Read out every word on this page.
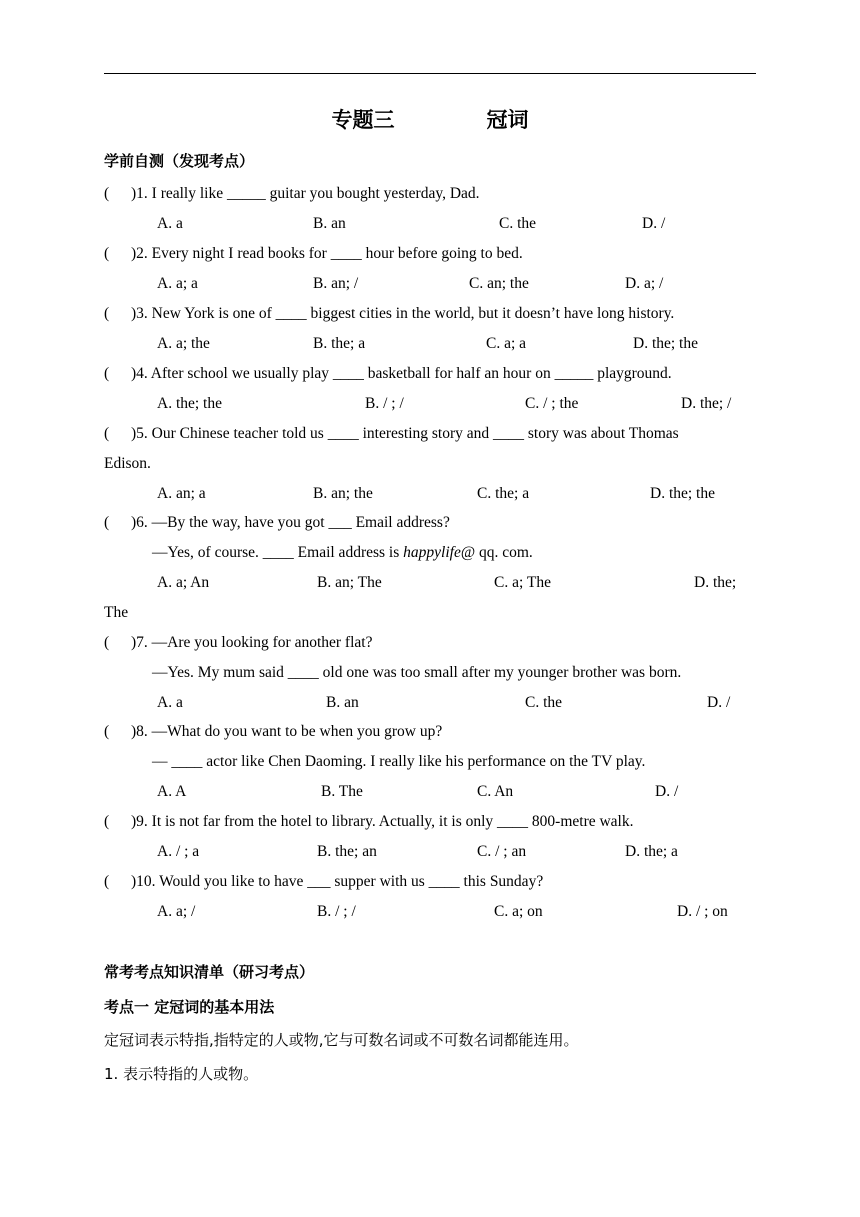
专题三	冠词
学前自测（发现考点）
( )1. I really like _____ guitar you bought yesterday, Dad.
A. a	B. an	C. the	D. /
( )2. Every night I read books for ____ hour before going to bed.
A. a; a	B. an; /	C. an; the	D. a; /
( )3. New York is one of ____ biggest cities in the world, but it doesn’t have long history.
A. a; the	B. the; a	C. a; a	D. the; the
( )4. After school we usually play ____ basketball for half an hour on _____ playground.
A. the; the	B. / ; /	C. / ; the	D. the; /
( )5. Our Chinese teacher told us ____ interesting story and ____ story was about Thomas
Edison.
A. an; a	B. an; the	C. the; a	D. the; the
( )6. —By the way, have you got ___ Email address?
—Yes, of course. ____ Email address is happylife@ qq. com.
A. a; An	B. an; The	C. a; The	D. the;
The
( )7. —Are you looking for another flat?
—Yes. My mum said ____ old one was too small after my younger brother was born.
A. a	B. an	C. the	D. /
( )8. —What do you want to be when you grow up?
— ____ actor like Chen Daoming. I really like his performance on the TV play.
A. A	B. The	C. An	D. /
( )9. It is not far from the hotel to library. Actually, it is only ____ 800-metre walk.
A. / ; a	B. the; an	C. / ; an	D. the; a
( )10. Would you like to have ___ supper with us ____ this Sunday?
A. a; /	B. / ; /	C. a; on	D. / ; on
常考考点知识清单（研习考点）
考点一 定冠词的基本用法
定冠词表示特指,指特定的人或物,它与可数名词或不可数名词都能连用。
1. 表示特指的人或物。
